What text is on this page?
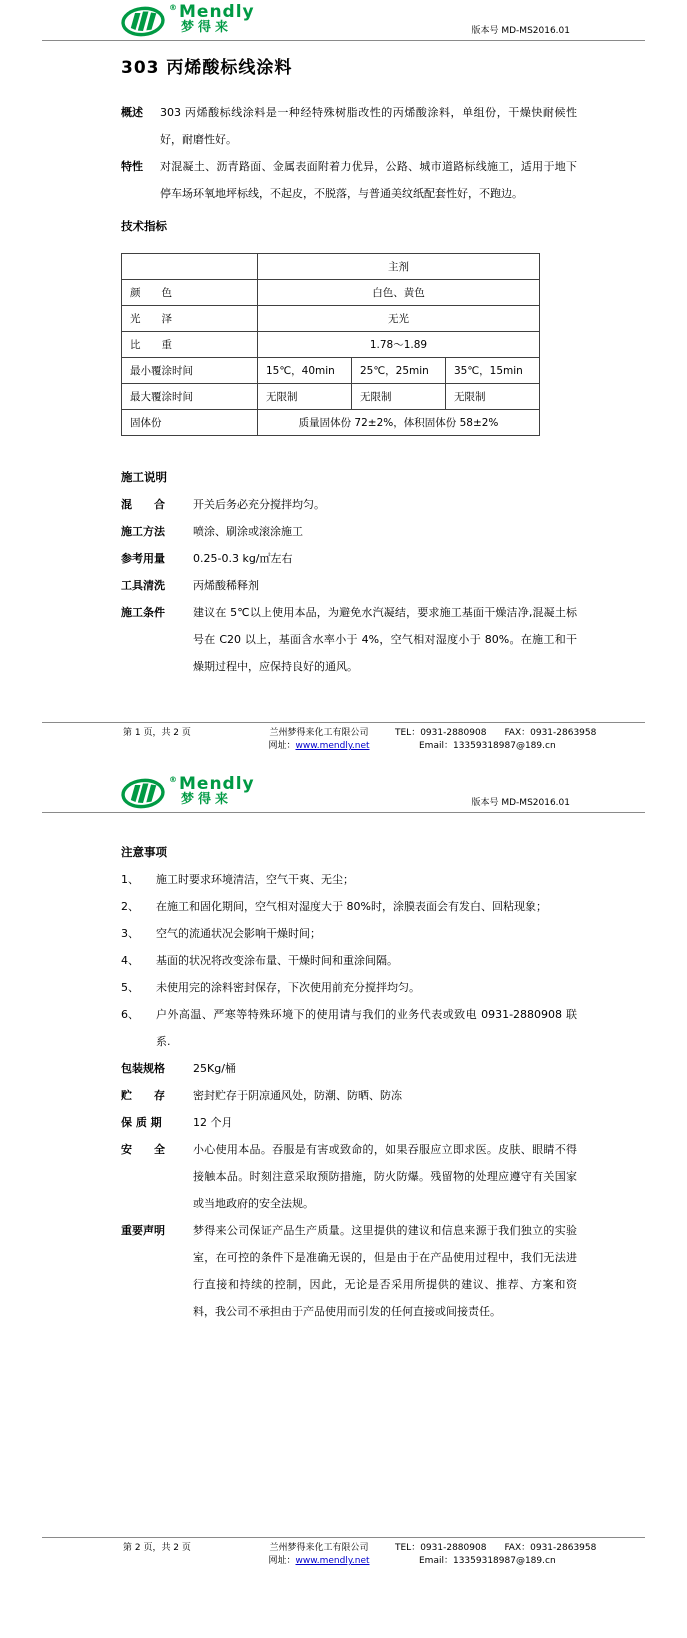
®Mendly
梦得来	版本号 MD-MS2016.01
303 丙烯酸标线涂料
概述	303 丙烯酸标线涂料是一种经特殊树脂改性的丙烯酸涂料，单组份，干燥快耐候性好，耐磨性好。
特性	对混凝土、沥青路面、金属表面附着力优异，公路、城市道路标线施工，适用于地下停车场环氧地坪标线，不起皮，不脱落，与普通美纹纸配套性好，不跑边。
技术指标
	主剂		
颜　　色	白色、黄色		
光　　泽	无光		
比　　重	1.78～1.89		
最小覆涂时间	15℃，40min	25℃，25min	35℃，15min
最大覆涂时间	无限制	无限制	无限制
固体份	质量固体份 72±2%，体积固体份 58±2%		
施工说明
混　　合	开关后务必充分搅拌均匀。
施工方法	喷涂、刷涂或滚涂施工
参考用量	0.25-0.3 kg/㎡左右
工具清洗	丙烯酸稀释剂
施工条件	建议在 5℃以上使用本品，为避免水汽凝结，要求施工基面干燥洁净,混凝土标号在 C20 以上，基面含水率小于 4%，空气相对湿度小于 80%。在施工和干燥期过程中，应保持良好的通风。
第 1 页，共 2 页	兰州梦得来化工有限公司
网址：www.mendly.net
TEL：0931-2880908 FAX：0931-2863958
Email：13359318987@189.cn
®Mendly
梦得来	版本号 MD-MS2016.01
注意事项
1、	施工时要求环境清洁，空气干爽、无尘；
2、	在施工和固化期间，空气相对湿度大于 80%时，涂膜表面会有发白、回粘现象；
3、	空气的流通状况会影响干燥时间；
4、	基面的状况将改变涂布量、干燥时间和重涂间隔。
5、	未使用完的涂料密封保存，下次使用前充分搅拌均匀。
6、	户外高温、严寒等特殊环境下的使用请与我们的业务代表或致电 0931-2880908 联系.
包装规格	25Kg/桶
贮　　存	密封贮存于阴凉通风处，防潮、防晒、防冻
保 质 期	12 个月
安　　全	小心使用本品。吞服是有害或致命的，如果吞服应立即求医。皮肤、眼睛不得接触本品。时刻注意采取预防措施，防火防爆。残留物的处理应遵守有关国家或当地政府的安全法规。
重要声明	梦得来公司保证产品生产质量。这里提供的建议和信息来源于我们独立的实验室，在可控的条件下是准确无误的，但是由于在产品使用过程中，我们无法进行直接和持续的控制，因此，无论是否采用所提供的建议、推荐、方案和资料，我公司不承担由于产品使用而引发的任何直接或间接责任。
第 2 页，共 2 页	兰州梦得来化工有限公司
网址：www.mendly.net
TEL：0931-2880908 FAX：0931-2863958
Email：13359318987@189.cn
